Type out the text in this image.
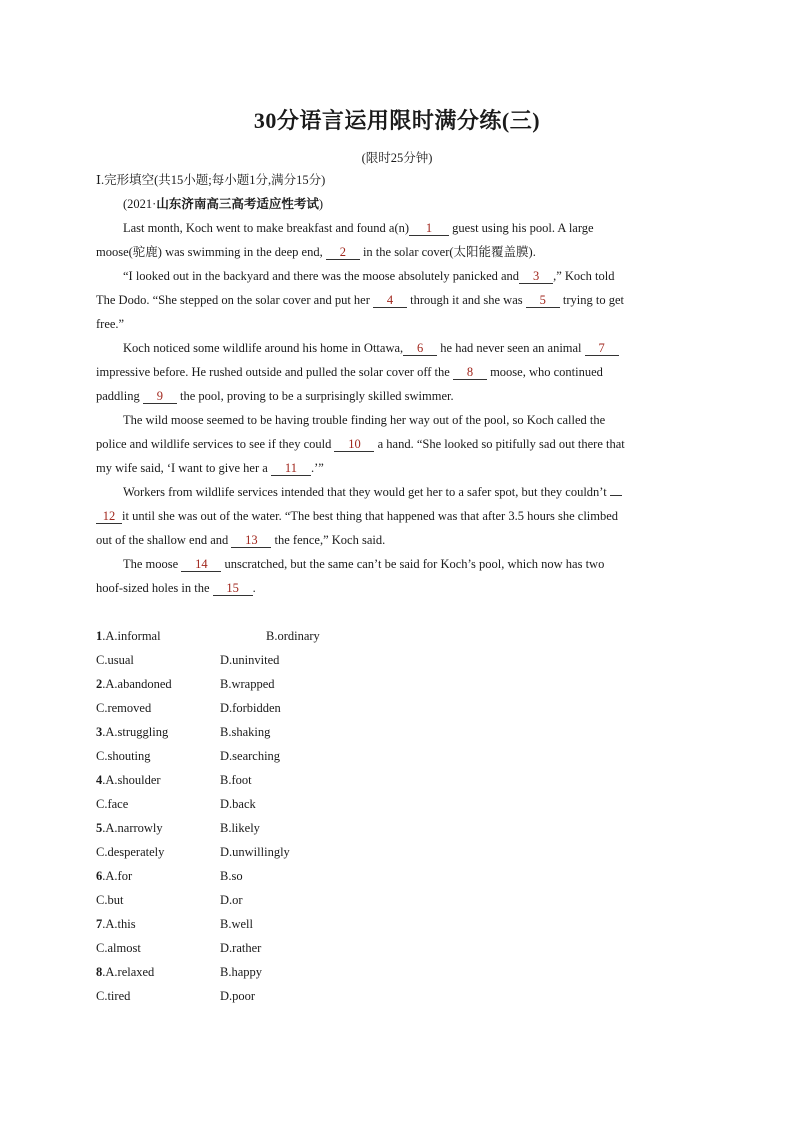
30分语言运用限时满分练(三)
(限时25分钟)
Ⅰ.完形填空(共15小题;每小题1分,满分15分)
(2021·山东济南高三高考适应性考试)
Last month, Koch went to make breakfast and found a(n) 1 guest using his pool. A large
moose(驼鹿) was swimming in the deep end, 2 in the solar cover(太阳能覆盖膜).
“I looked out in the backyard and there was the moose absolutely panicked and 3 ,” Koch told
The Dodo. “She stepped on the solar cover and put her 4 through it and she was 5 trying to get
free.”
Koch noticed some wildlife around his home in Ottawa, 6 he had never seen an animal 7
impressive before. He rushed outside and pulled the solar cover off the 8 moose, who continued
paddling 9 the pool, proving to be a surprisingly skilled swimmer.
The wild moose seemed to be having trouble finding her way out of the pool, so Koch called the
police and wildlife services to see if they could 10 a hand. “She looked so pitifully sad out there that
my wife said, ‘I want to give her a 11 .’”
Workers from wildlife services intended that they would get her to a safer spot, but they couldn’t
12 it until she was out of the water. “The best thing that happened was that after 3.5 hours she climbed
out of the shallow end and 13 the fence,” Koch said.
The moose 14 unscratched, but the same can’t be said for Koch’s pool, which now has two
hoof-sized holes in the 15 .
1.A.informal	B.ordinary
C.usual	D.uninvited
2.A.abandoned	B.wrapped
C.removed	D.forbidden
3.A.struggling	B.shaking
C.shouting	D.searching
4.A.shoulder	B.foot
C.face	D.back
5.A.narrowly	B.likely
C.desperately	D.unwillingly
6.A.for	B.so
C.but	D.or
7.A.this	B.well
C.almost	D.rather
8.A.relaxed	B.happy
C.tired	D.poor
